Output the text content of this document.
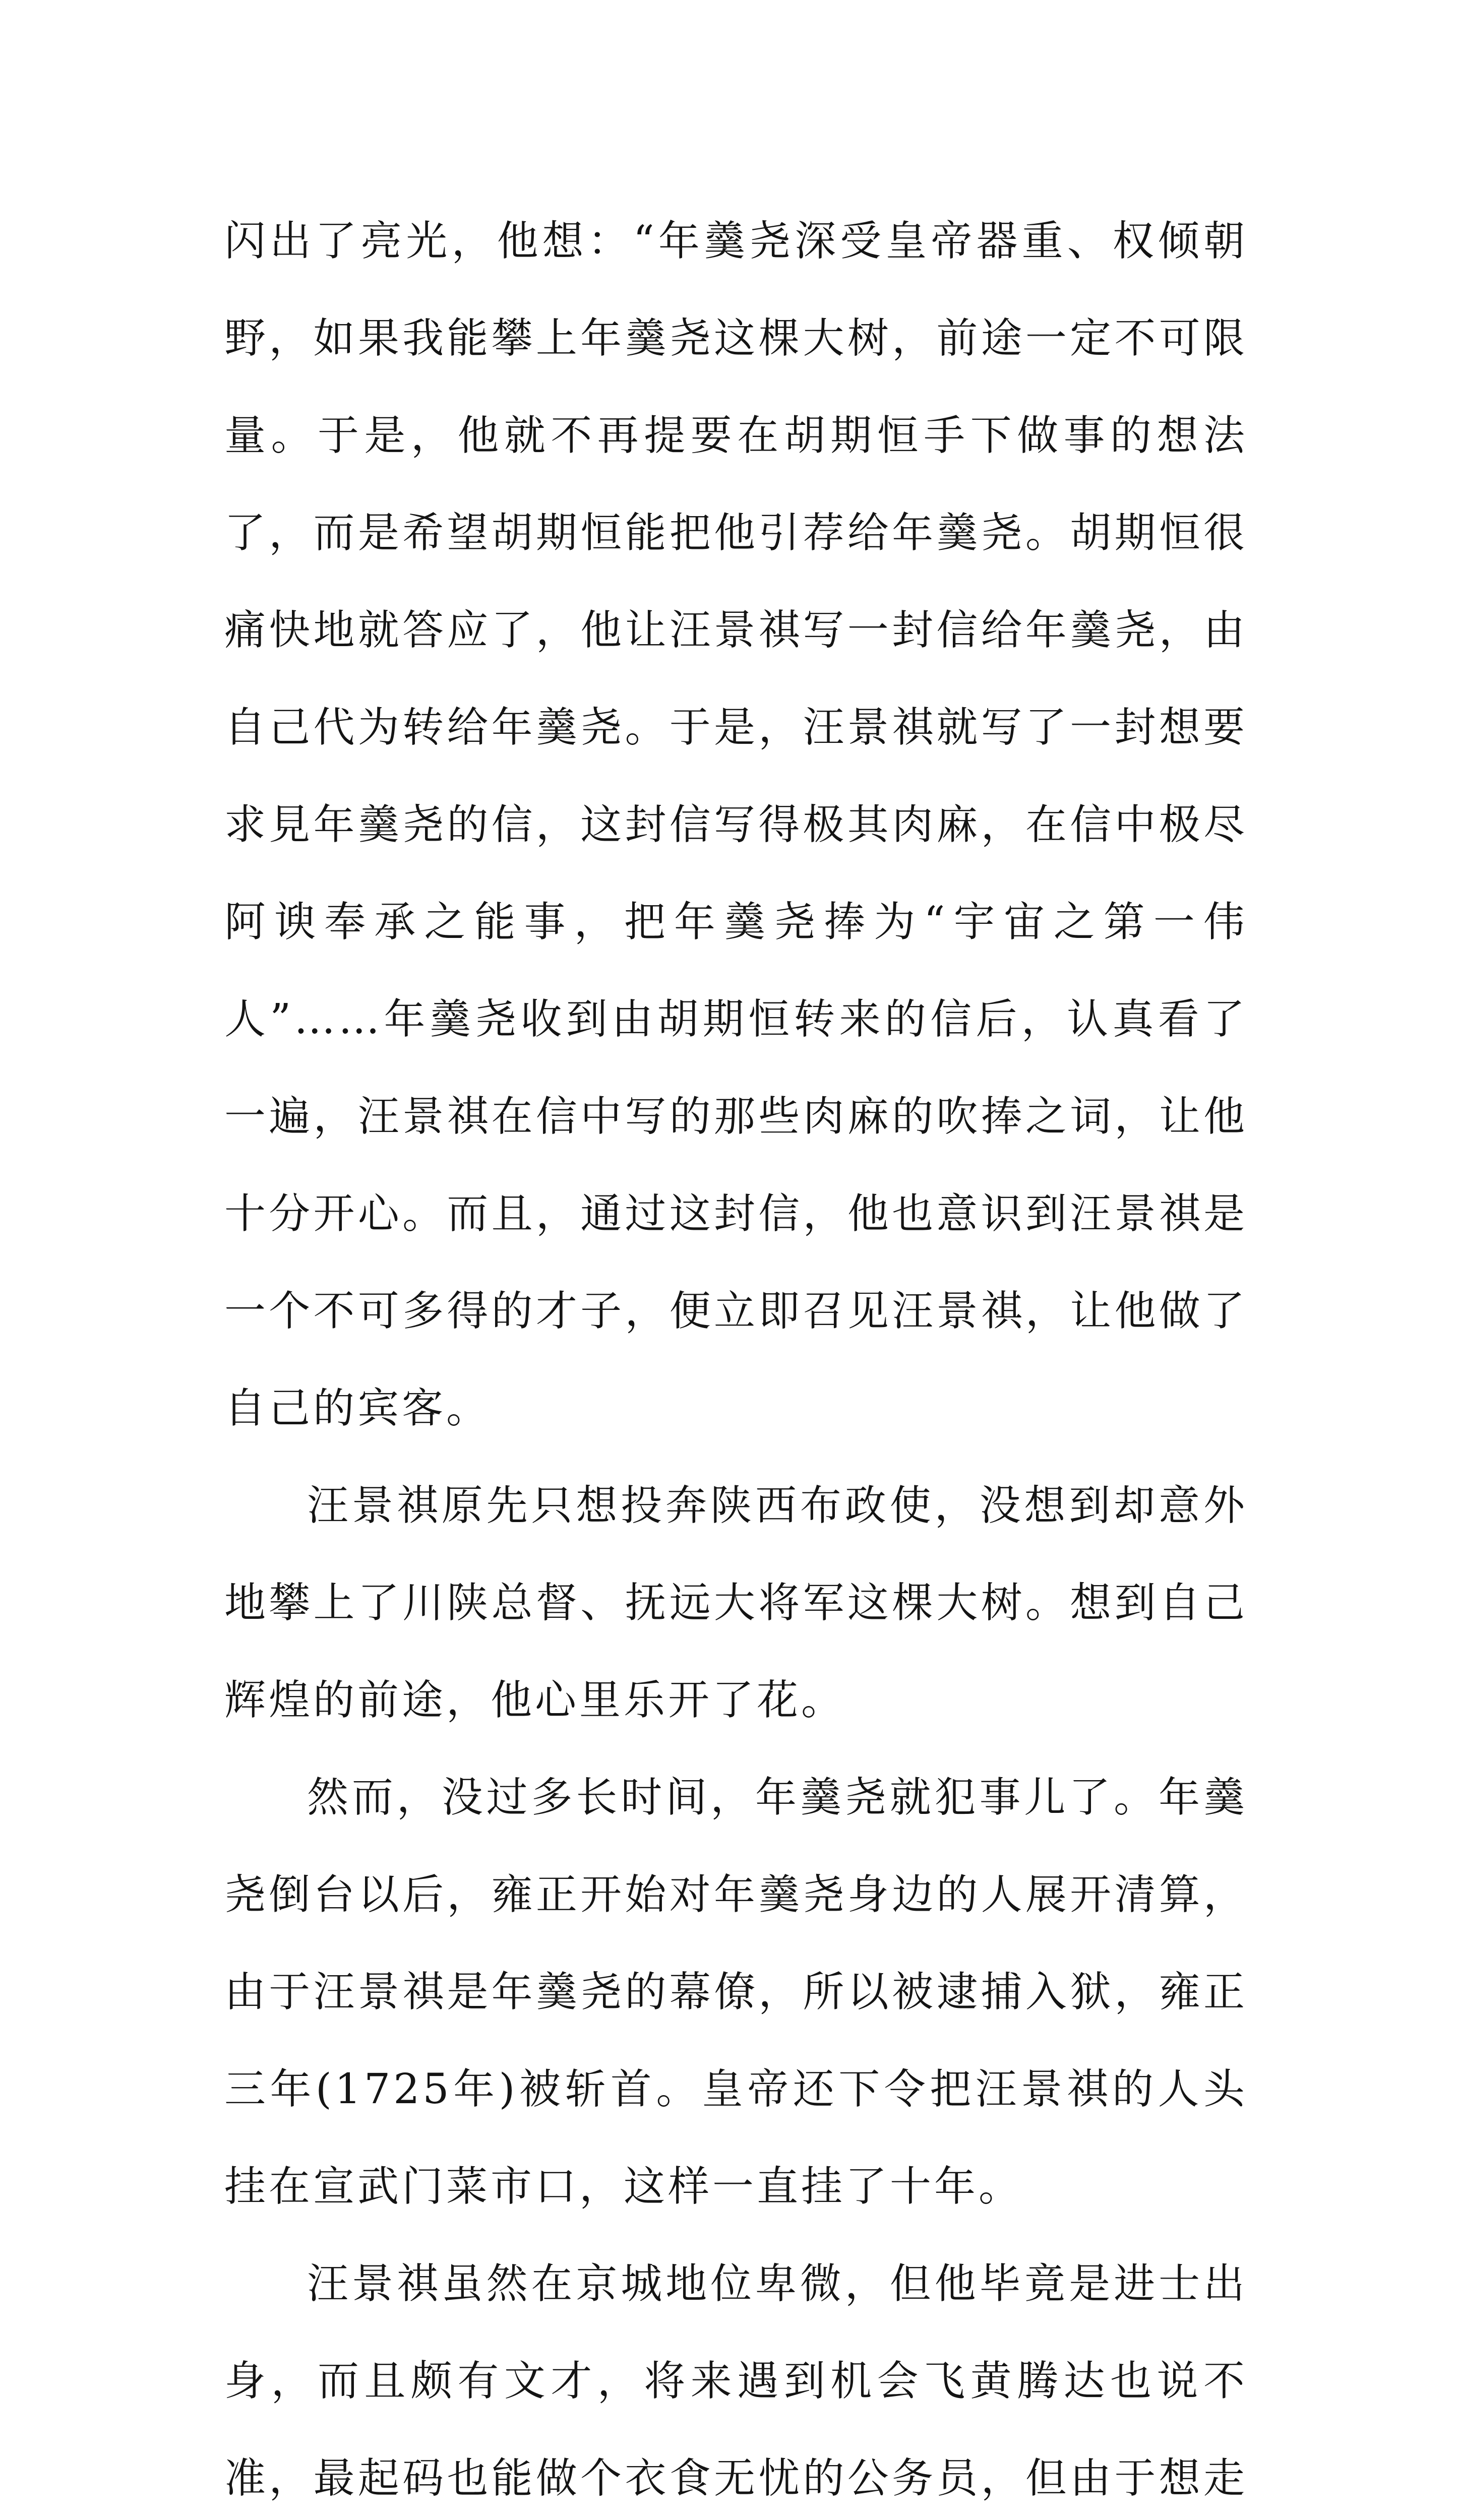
闪出了亮光，他想：“年羹尧深受皇帝器重、权倾朝野，如果我能攀上年羹尧这棵大树，前途一定不可限量。于是，他就不再提要在胡期恒手下做事的想法了，而是希望胡期恒能把他引荐给年羹尧。胡期恒很痛快地就答应了，他让汪景祺写一封信给年羹尧，由自己代为转给年羹尧。于是，汪景祺就写了一封想要求見年羹尧的信，这封信写得极其肉麻，在信中极尽阿谀奉承之能事，把年羹尧捧为“宇宙之第一伟人”……年羹尧收到由胡期恒转来的信后，认真看了一遍，汪景祺在信中写的那些肉麻的吹捧之词，让他十分开心。而且，通过这封信，他也意识到汪景祺是一个不可多得的才子，便立即召见汪景祺，让他做了自己的宾客。

汪景祺原先只想投奔陕西布政使，没想到却意外地攀上了川陕总督、抚远大将军这棵大树。想到自己辉煌的前途，他心里乐开了花。

然而，没过多长时间，年羹尧就犯事儿了。年羹尧倒台以后，雍正开始对年羹尧身边的人展开清算，由于汪景祺是年羹尧的幕僚，所以被逮捕入狱，雍正三年(1725年)被斩首。皇帝还下令把汪景祺的人头挂在宣武门菜市口，这样一直挂了十年。

汪景祺虽然在京城地位卑微，但他毕竟是进士出身，而且颇有文才，将来遇到机会飞黄腾达也说不准，最起码也能做个衣食无忧的公务员，但由于想走
